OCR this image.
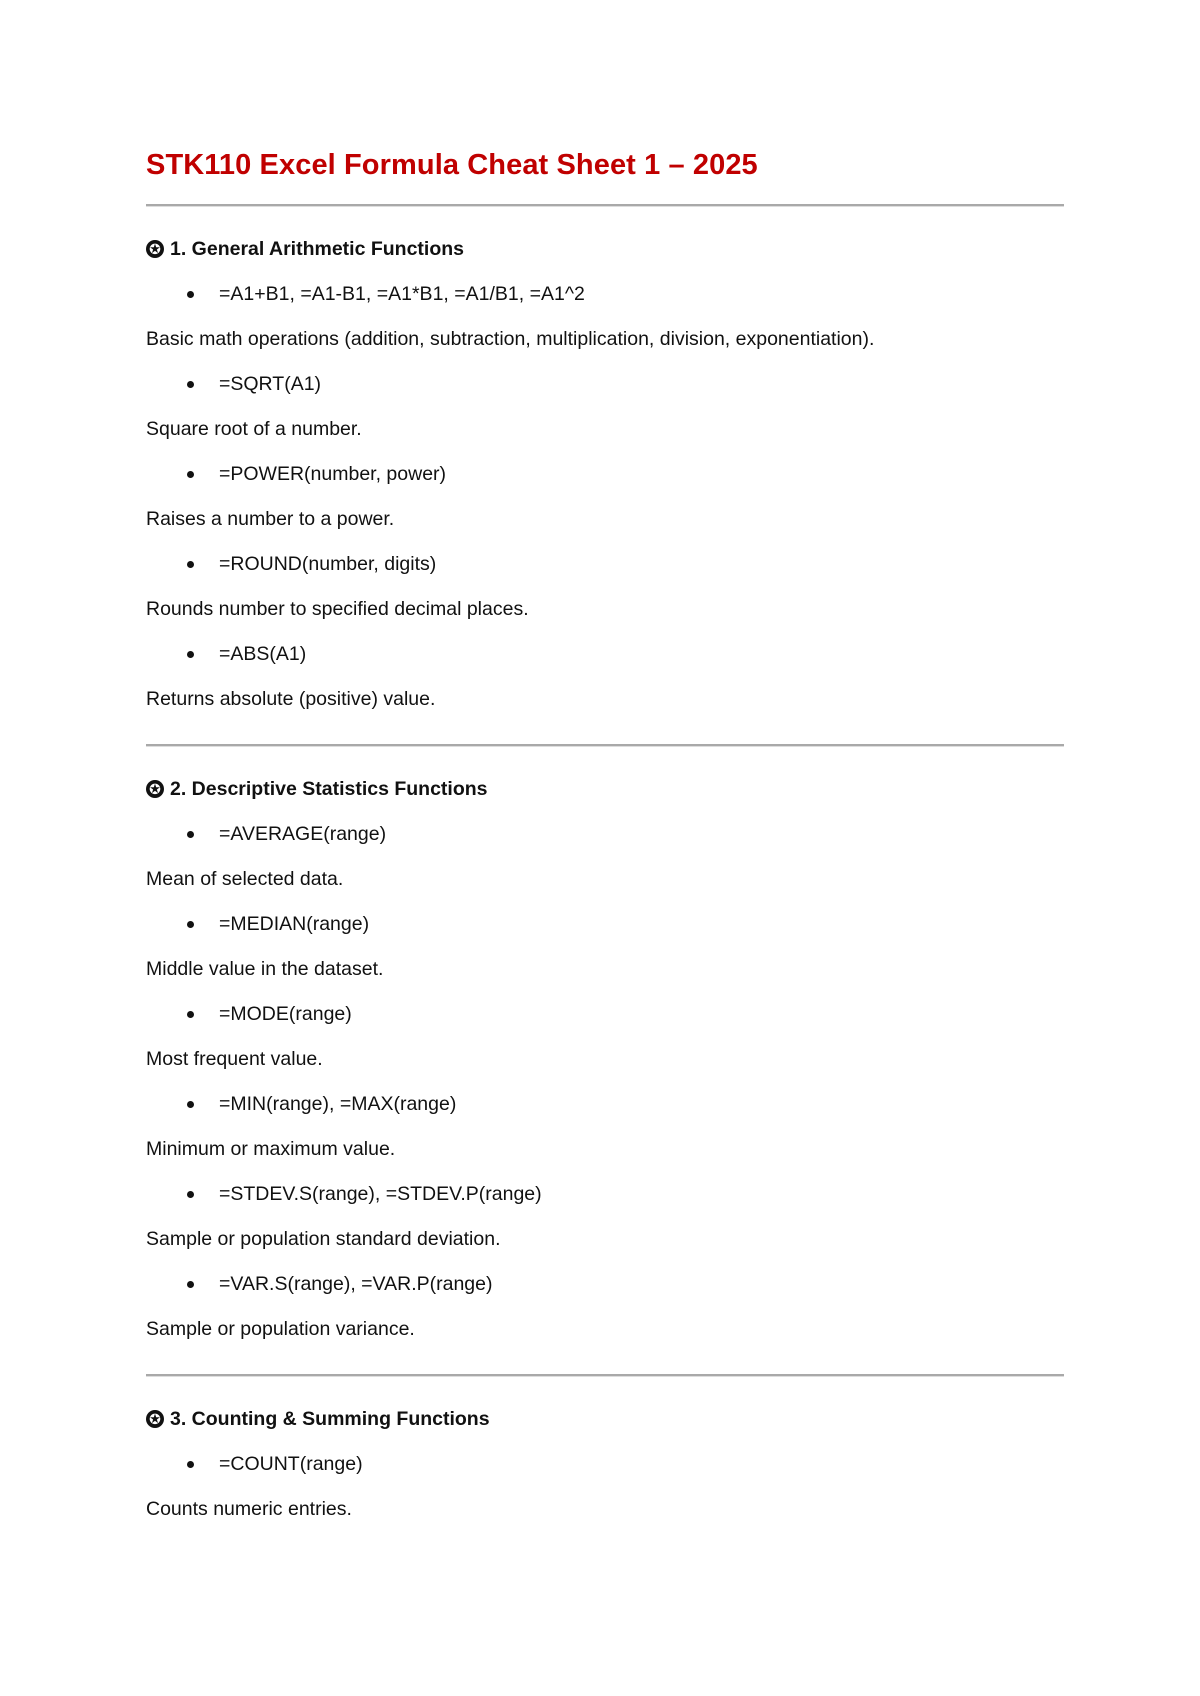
STK110 Excel Formula Cheat Sheet 1 – 2025
✪ 1. General Arithmetic Functions
=A1+B1, =A1-B1, =A1*B1, =A1/B1, =A1^2
Basic math operations (addition, subtraction, multiplication, division, exponentiation).
=SQRT(A1)
Square root of a number.
=POWER(number, power)
Raises a number to a power.
=ROUND(number, digits)
Rounds number to specified decimal places.
=ABS(A1)
Returns absolute (positive) value.
✪ 2. Descriptive Statistics Functions
=AVERAGE(range)
Mean of selected data.
=MEDIAN(range)
Middle value in the dataset.
=MODE(range)
Most frequent value.
=MIN(range), =MAX(range)
Minimum or maximum value.
=STDEV.S(range), =STDEV.P(range)
Sample or population standard deviation.
=VAR.S(range), =VAR.P(range)
Sample or population variance.
✪ 3. Counting & Summing Functions
=COUNT(range)
Counts numeric entries.
